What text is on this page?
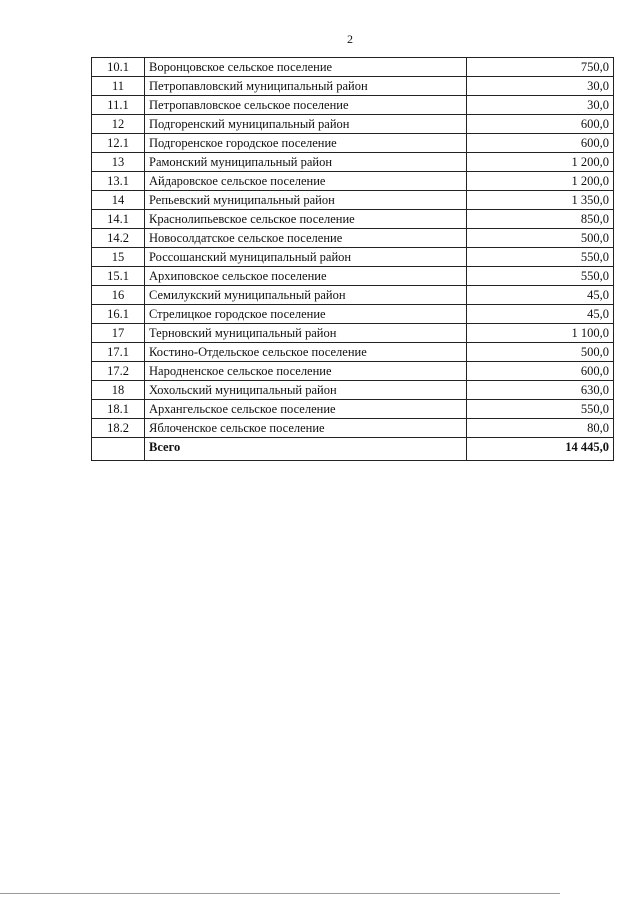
2
10.1	Воронцовское сельское поселение	750,0
11	Петропавловский муниципальный район	30,0
11.1	Петропавловское сельское поселение	30,0
12	Подгоренский муниципальный район	600,0
12.1	Подгоренское городское поселение	600,0
13	Рамонский муниципальный район	1 200,0
13.1	Айдаровское сельское поселение	1 200,0
14	Репьевский муниципальный район	1 350,0
14.1	Краснолипьевское сельское поселение	850,0
14.2	Новосолдатское сельское поселение	500,0
15	Россошанский муниципальный район	550,0
15.1	Архиповское сельское поселение	550,0
16	Семилукский муниципальный район	45,0
16.1	Стрелицкое городское поселение	45,0
17	Терновский муниципальный район	1 100,0
17.1	Костино-Отдельское сельское поселение	500,0
17.2	Народненское сельское поселение	600,0
18	Хохольский муниципальный район	630,0
18.1	Архангельское сельское поселение	550,0
18.2	Яблоченское сельское поселение	80,0
	Всего	14 445,0
